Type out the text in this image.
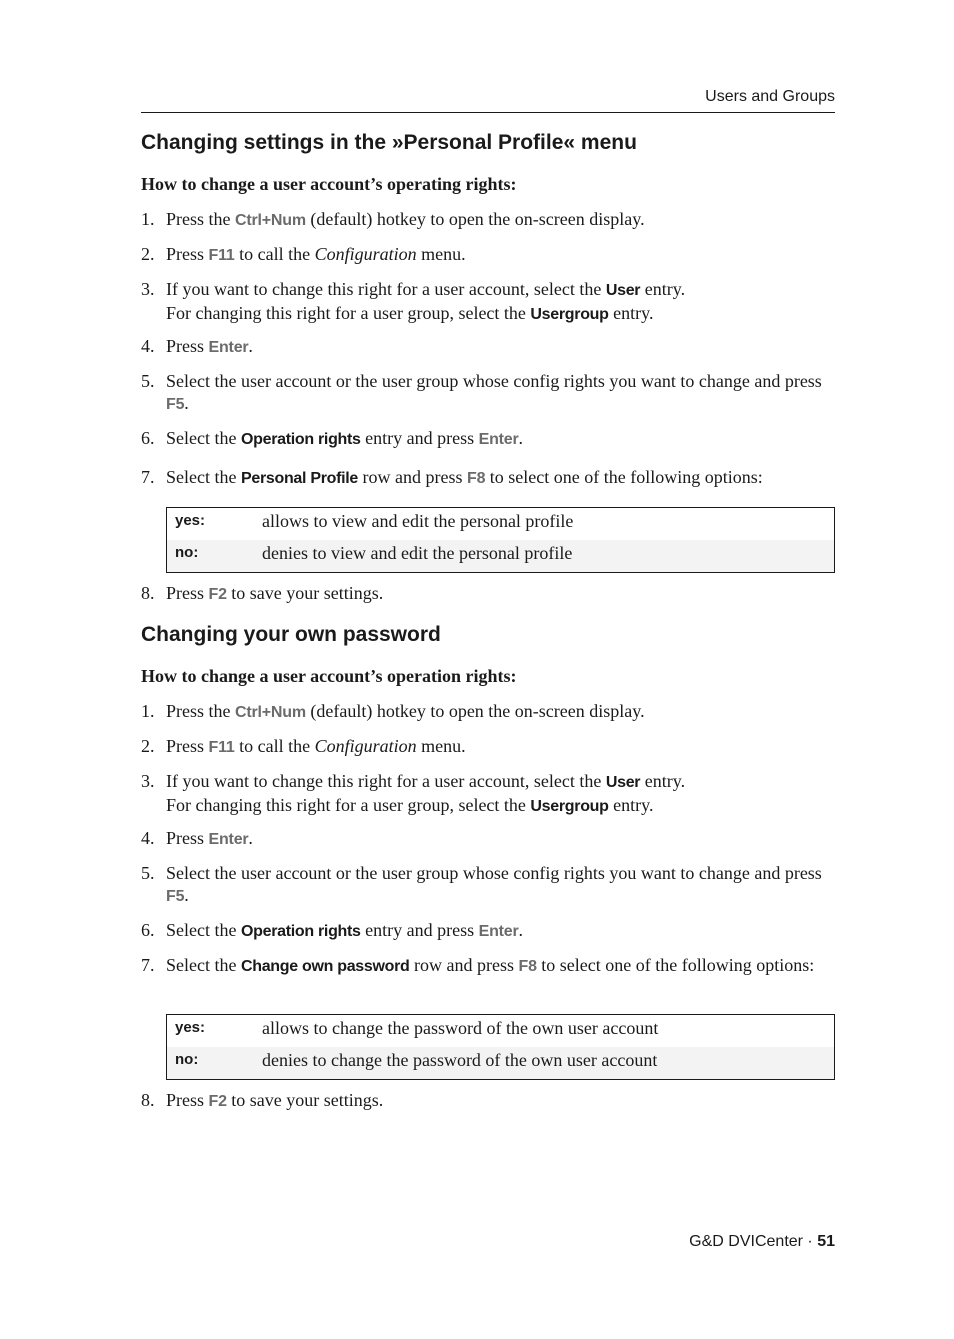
Users and Groups
Changing settings in the »Personal Profile« menu

How to change a user account’s operating rights:

1. Press the Ctrl+Num (default) hotkey to open the on-screen display.
2. Press F11 to call the Configuration menu.
3. If you want to change this right for a user account, select the User entry.
For changing this right for a user group, select the Usergroup entry.
4. Press Enter.
5. Select the user account or the user group whose config rights you want to change and press F5.
6. Select the Operation rights entry and press Enter.
7. Select the Personal Profile row and press F8 to select one of the following options:
yes:	allows to view and edit the personal profile
no:	denies to view and edit the personal profile
8. Press F2 to save your settings.
Changing your own password

How to change a user account’s operation rights:

1. Press the Ctrl+Num (default) hotkey to open the on-screen display.
2. Press F11 to call the Configuration menu.
3. If you want to change this right for a user account, select the User entry.
For changing this right for a user group, select the Usergroup entry.
4. Press Enter.
5. Select the user account or the user group whose config rights you want to change and press F5.
6. Select the Operation rights entry and press Enter.
7. Select the Change own password row and press F8 to select one of the following options:
yes:	allows to change the password of the own user account
no:	denies to change the password of the own user account
8. Press F2 to save your settings.
G&D DVICenter · 51
